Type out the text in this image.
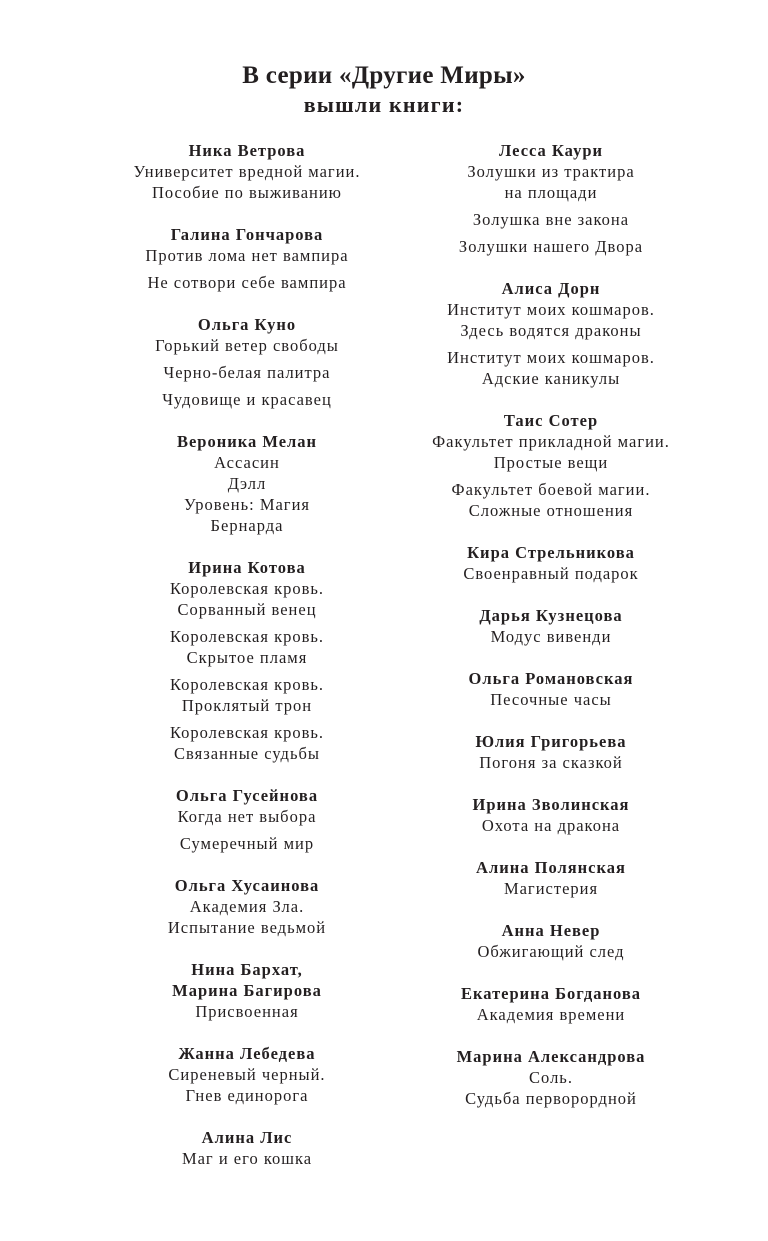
В серии «Другие Миры»
вышли книги:
Ника Ветрова
Университет вредной магии.
Пособие по выживанию
Галина Гончарова
Против лома нет вампира
Не сотвори себе вампира
Ольга Куно
Горький ветер свободы
Черно-белая палитра
Чудовище и красавец
Вероника Мелан
Ассасин
Дэлл
Уровень: Магия
Бернарда
Ирина Котова
Королевская кровь.
Сорванный венец
Королевская кровь.
Скрытое пламя
Королевская кровь.
Проклятый трон
Королевская кровь.
Связанные судьбы
Ольга Гусейнова
Когда нет выбора
Сумеречный мир
Ольга Хусаинова
Академия Зла.
Испытание ведьмой
Нина Бархат,
Марина Багирова
Присвоенная
Жанна Лебедева
Сиреневый черный.
Гнев единорога
Алина Лис
Маг и его кошка
Лесса Каури
Золушки из трактира
на площади
Золушка вне закона
Золушки нашего Двора
Алиса Дорн
Институт моих кошмаров.
Здесь водятся драконы
Институт моих кошмаров.
Адские каникулы
Таис Сотер
Факультет прикладной магии.
Простые вещи
Факультет боевой магии.
Сложные отношения
Кира Стрельникова
Своенравный подарок
Дарья Кузнецова
Модус вивенди
Ольга Романовская
Песочные часы
Юлия Григорьева
Погоня за сказкой
Ирина Зволинская
Охота на дракона
Алина Полянская
Магистерия
Анна Невер
Обжигающий след
Екатерина Богданова
Академия времени
Марина Александрова
Соль.
Судьба перворордной
